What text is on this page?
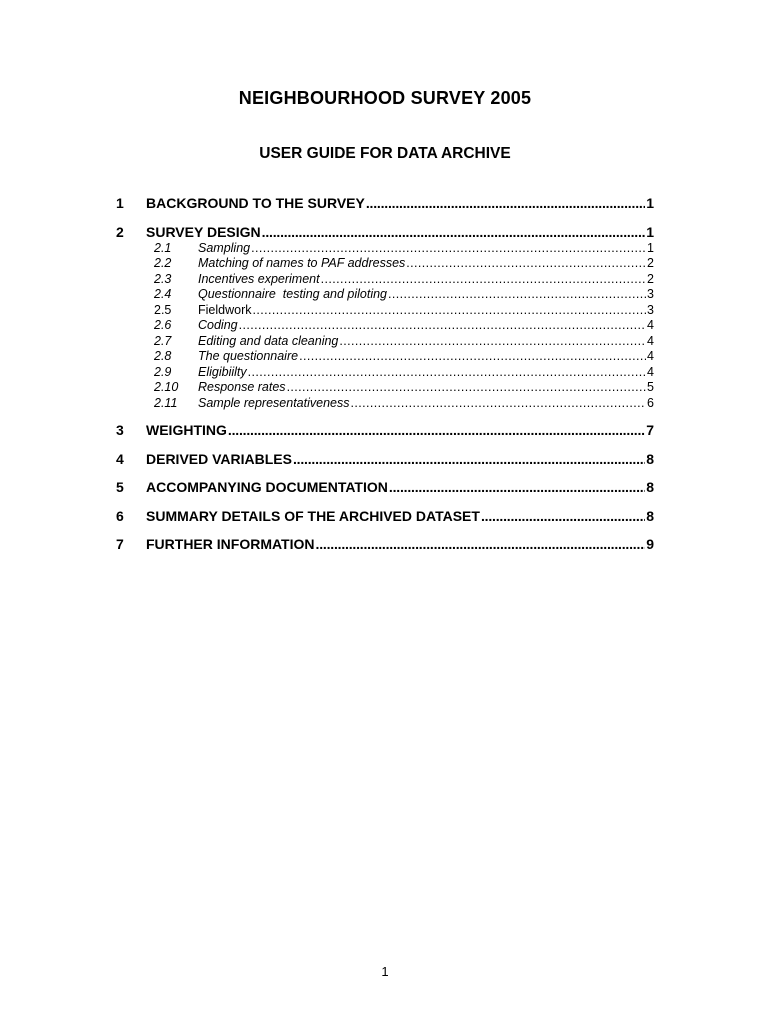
NEIGHBOURHOOD SURVEY 2005
USER GUIDE FOR DATA ARCHIVE
1	BACKGROUND TO THE SURVEY .....	1
2	SURVEY DESIGN .....	1
2.1	Sampling .....	1
2.2	Matching of names to PAF addresses .....	2
2.3	Incentives experiment .....	2
2.4	Questionnaire  testing and piloting .....	3
2.5	Fieldwork .....	3
2.6	Coding .....	4
2.7	Editing and data cleaning .....	4
2.8	The questionnaire .....	4
2.9	Eligibiilty .....	4
2.10	Response rates .....	5
2.11	Sample representativeness .....	6
3	WEIGHTING .....	7
4	DERIVED VARIABLES .....	8
5	ACCOMPANYING DOCUMENTATION .....	8
6	SUMMARY DETAILS OF THE ARCHIVED DATASET .....	8
7	FURTHER INFORMATION .....	9
1
